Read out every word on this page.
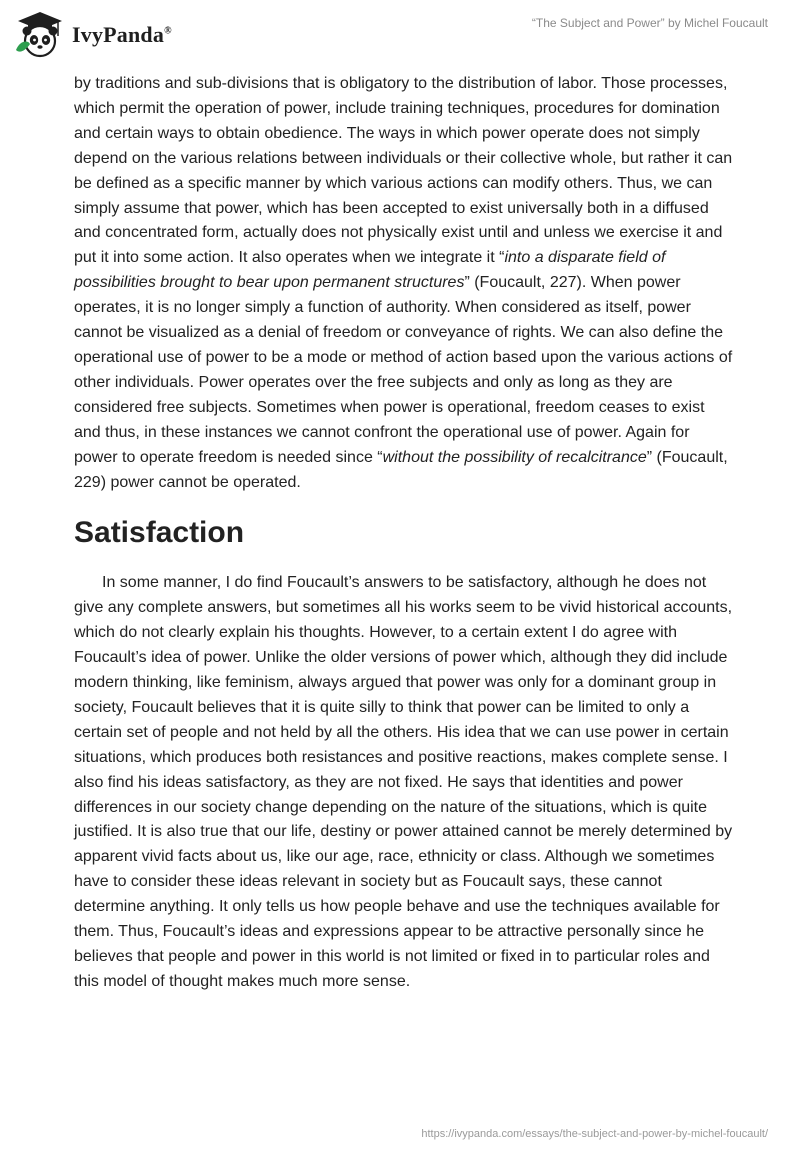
IvyPanda®
“The Subject and Power” by Michel Foucault

by traditions and sub-divisions that is obligatory to the distribution of labor. Those processes, which permit the operation of power, include training techniques, procedures for domination and certain ways to obtain obedience. The ways in which power operate does not simply depend on the various relations between individuals or their collective whole, but rather it can be defined as a specific manner by which various actions can modify others. Thus, we can simply assume that power, which has been accepted to exist universally both in a diffused and concentrated form, actually does not physically exist until and unless we exercise it and put it into some action. It also operates when we integrate it “into a disparate field of possibilities brought to bear upon permanent structures” (Foucault, 227). When power operates, it is no longer simply a function of authority. When considered as itself, power cannot be visualized as a denial of freedom or conveyance of rights. We can also define the operational use of power to be a mode or method of action based upon the various actions of other individuals. Power operates over the free subjects and only as long as they are considered free subjects. Sometimes when power is operational, freedom ceases to exist and thus, in these instances we cannot confront the operational use of power. Again for power to operate freedom is needed since “without the possibility of recalcitrance” (Foucault, 229) power cannot be operated.

Satisfaction

In some manner, I do find Foucault’s answers to be satisfactory, although he does not give any complete answers, but sometimes all his works seem to be vivid historical accounts, which do not clearly explain his thoughts. However, to a certain extent I do agree with Foucault’s idea of power. Unlike the older versions of power which, although they did include modern thinking, like feminism, always argued that power was only for a dominant group in society, Foucault believes that it is quite silly to think that power can be limited to only a certain set of people and not held by all the others. His idea that we can use power in certain situations, which produces both resistances and positive reactions, makes complete sense. I also find his ideas satisfactory, as they are not fixed. He says that identities and power differences in our society change depending on the nature of the situations, which is quite justified. It is also true that our life, destiny or power attained cannot be merely determined by apparent vivid facts about us, like our age, race, ethnicity or class. Although we sometimes have to consider these ideas relevant in society but as Foucault says, these cannot determine anything. It only tells us how people behave and use the techniques available for them. Thus, Foucault’s ideas and expressions appear to be attractive personally since he believes that people and power in this world is not limited or fixed in to particular roles and this model of thought makes much more sense.

https://ivypanda.com/essays/the-subject-and-power-by-michel-foucault/
